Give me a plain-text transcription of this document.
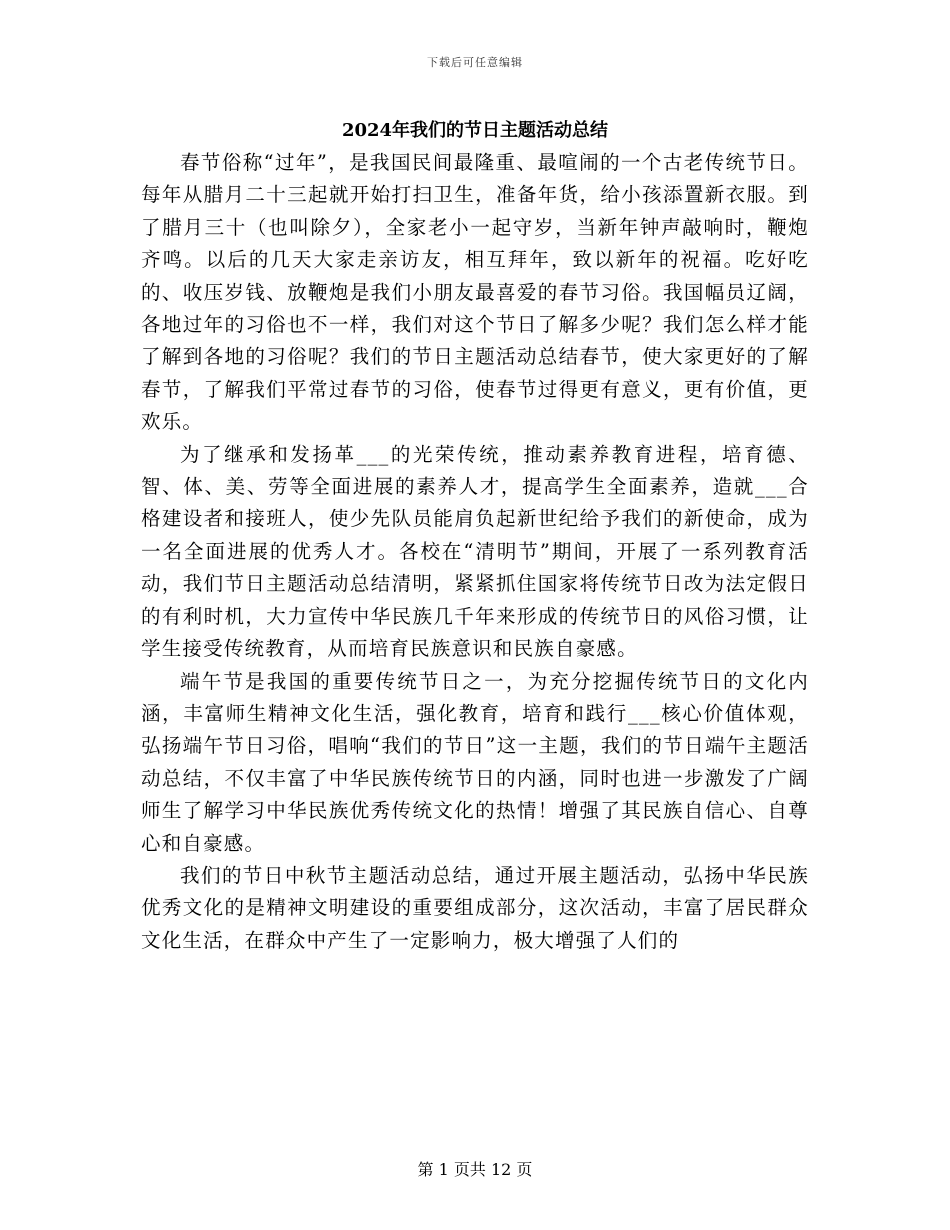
下载后可任意编辑
2024年我们的节日主题活动总结

春节俗称“过年”，是我国民间最隆重、最喧闹的一个古老传统节日。每年从腊月二十三起就开始打扫卫生，准备年货，给小孩添置新衣服。到了腊月三十（也叫除夕），全家老小一起守岁，当新年钟声敲响时，鞭炮齐鸣。以后的几天大家走亲访友，相互拜年，致以新年的祝福。吃好吃的、收压岁钱、放鞭炮是我们小朋友最喜爱的春节习俗。我国幅员辽阔，各地过年的习俗也不一样，我们对这个节日了解多少呢？我们怎么样才能了解到各地的习俗呢？我们的节日主题活动总结春节，使大家更好的了解春节，了解我们平常过春节的习俗，使春节过得更有意义，更有价值，更欢乐。

为了继承和发扬革___的光荣传统，推动素养教育进程，培育德、智、体、美、劳等全面进展的素养人才，提高学生全面素养，造就___合格建设者和接班人，使少先队员能肩负起新世纪给予我们的新使命，成为一名全面进展的优秀人才。各校在“清明节”期间，开展了一系列教育活动，我们节日主题活动总结清明，紧紧抓住国家将传统节日改为法定假日的有利时机，大力宣传中华民族几千年来形成的传统节日的风俗习惯，让学生接受传统教育，从而培育民族意识和民族自豪感。

端午节是我国的重要传统节日之一，为充分挖掘传统节日的文化内涵，丰富师生精神文化生活，强化教育，培育和践行___核心价值体观，弘扬端午节日习俗，唱响“我们的节日”这一主题，我们的节日端午主题活动总结，不仅丰富了中华民族传统节日的内涵，同时也进一步激发了广阔师生了解学习中华民族优秀传统文化的热情！增强了其民族自信心、自尊心和自豪感。

我们的节日中秋节主题活动总结，通过开展主题活动，弘扬中华民族优秀文化的是精神文明建设的重要组成部分，这次活动，丰富了居民群众文化生活，在群众中产生了一定影响力，极大增强了人们的

第 1 页共 12 页
